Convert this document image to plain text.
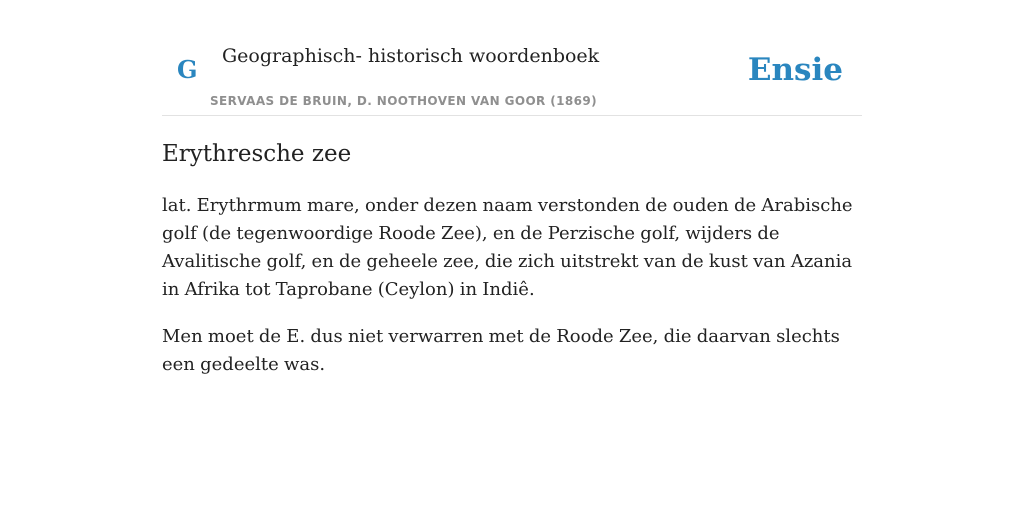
G Geographisch- historisch woordenboek
SERVAAS DE BRUIN, D. NOOTHOVEN VAN GOOR (1869)
Ensie
Erythresche zee

lat. Erythrmum mare, onder dezen naam verstonden de ouden de Arabische golf (de tegenwoordige Roode Zee), en de Perzische golf, wijders de Avalitische golf, en de geheele zee, die zich uitstrekt van de kust van Azania in Afrika tot Taprobane (Ceylon) in Indiê.

Men moet de E. dus niet verwarren met de Roode Zee, die daarvan slechts een gedeelte was.
